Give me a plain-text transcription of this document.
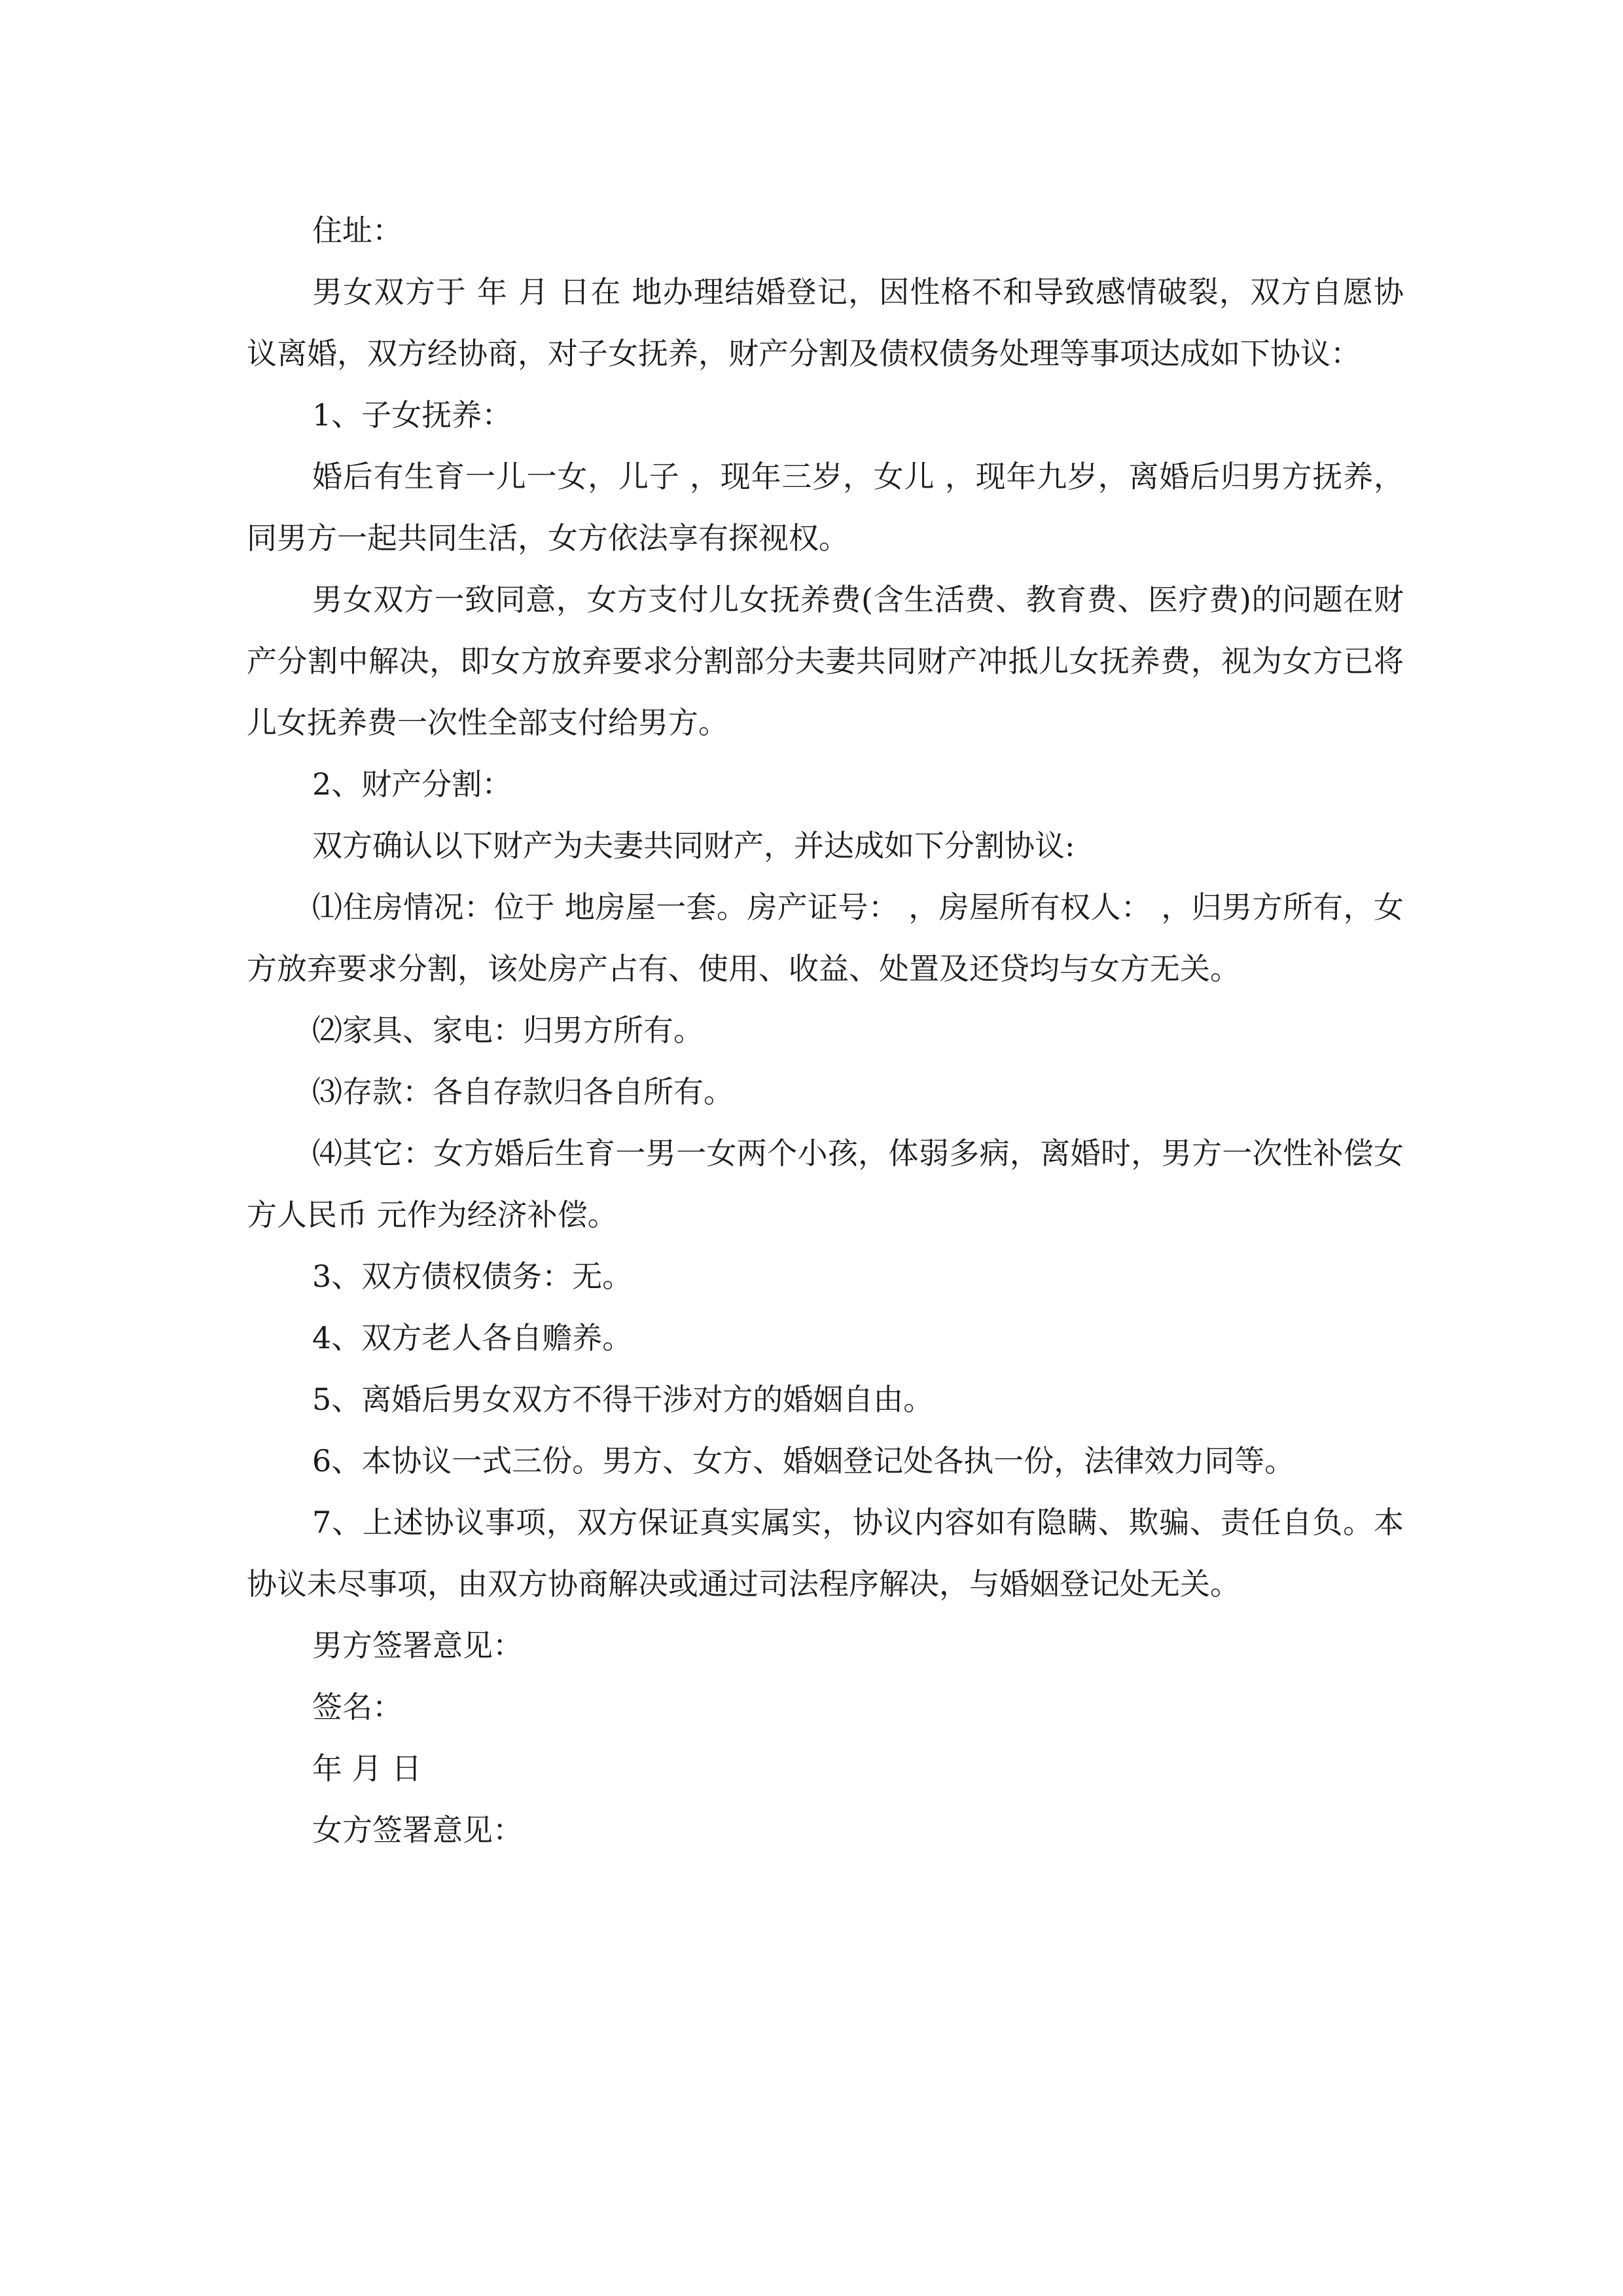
住址：

男女双方于 年 月 日在 地办理结婚登记，因性格不和导致感情破裂，双方自愿协议离婚，双方经协商，对子女抚养，财产分割及债权债务处理等事项达成如下协议：

1、子女抚养：

婚后有生育一儿一女，儿子 ，现年三岁，女儿 ，现年九岁，离婚后归男方抚养，同男方一起共同生活，女方依法享有探视权。

男女双方一致同意，女方支付儿女抚养费(含生活费、教育费、医疗费)的问题在财产分割中解决，即女方放弃要求分割部分夫妻共同财产冲抵儿女抚养费，视为女方已将儿女抚养费一次性全部支付给男方。

2、财产分割：

双方确认以下财产为夫妻共同财产，并达成如下分割协议:

⑴住房情况：位于 地房屋一套。房产证号： ，房屋所有权人： ，归男方所有，女方放弃要求分割，该处房产占有、使用、收益、处置及还贷均与女方无关。

⑵家具、家电：归男方所有。

⑶存款：各自存款归各自所有。

⑷其它：女方婚后生育一男一女两个小孩，体弱多病，离婚时，男方一次性补偿女方人民币 元作为经济补偿。

3、双方债权债务：无。

4、双方老人各自赡养。

5、离婚后男女双方不得干涉对方的婚姻自由。

6、本协议一式三份。男方、女方、婚姻登记处各执一份，法律效力同等。

7、上述协议事项，双方保证真实属实，协议内容如有隐瞒、欺骗、责任自负。本协议未尽事项，由双方协商解决或通过司法程序解决，与婚姻登记处无关。

男方签署意见：

签名：

年 月 日

女方签署意见：
